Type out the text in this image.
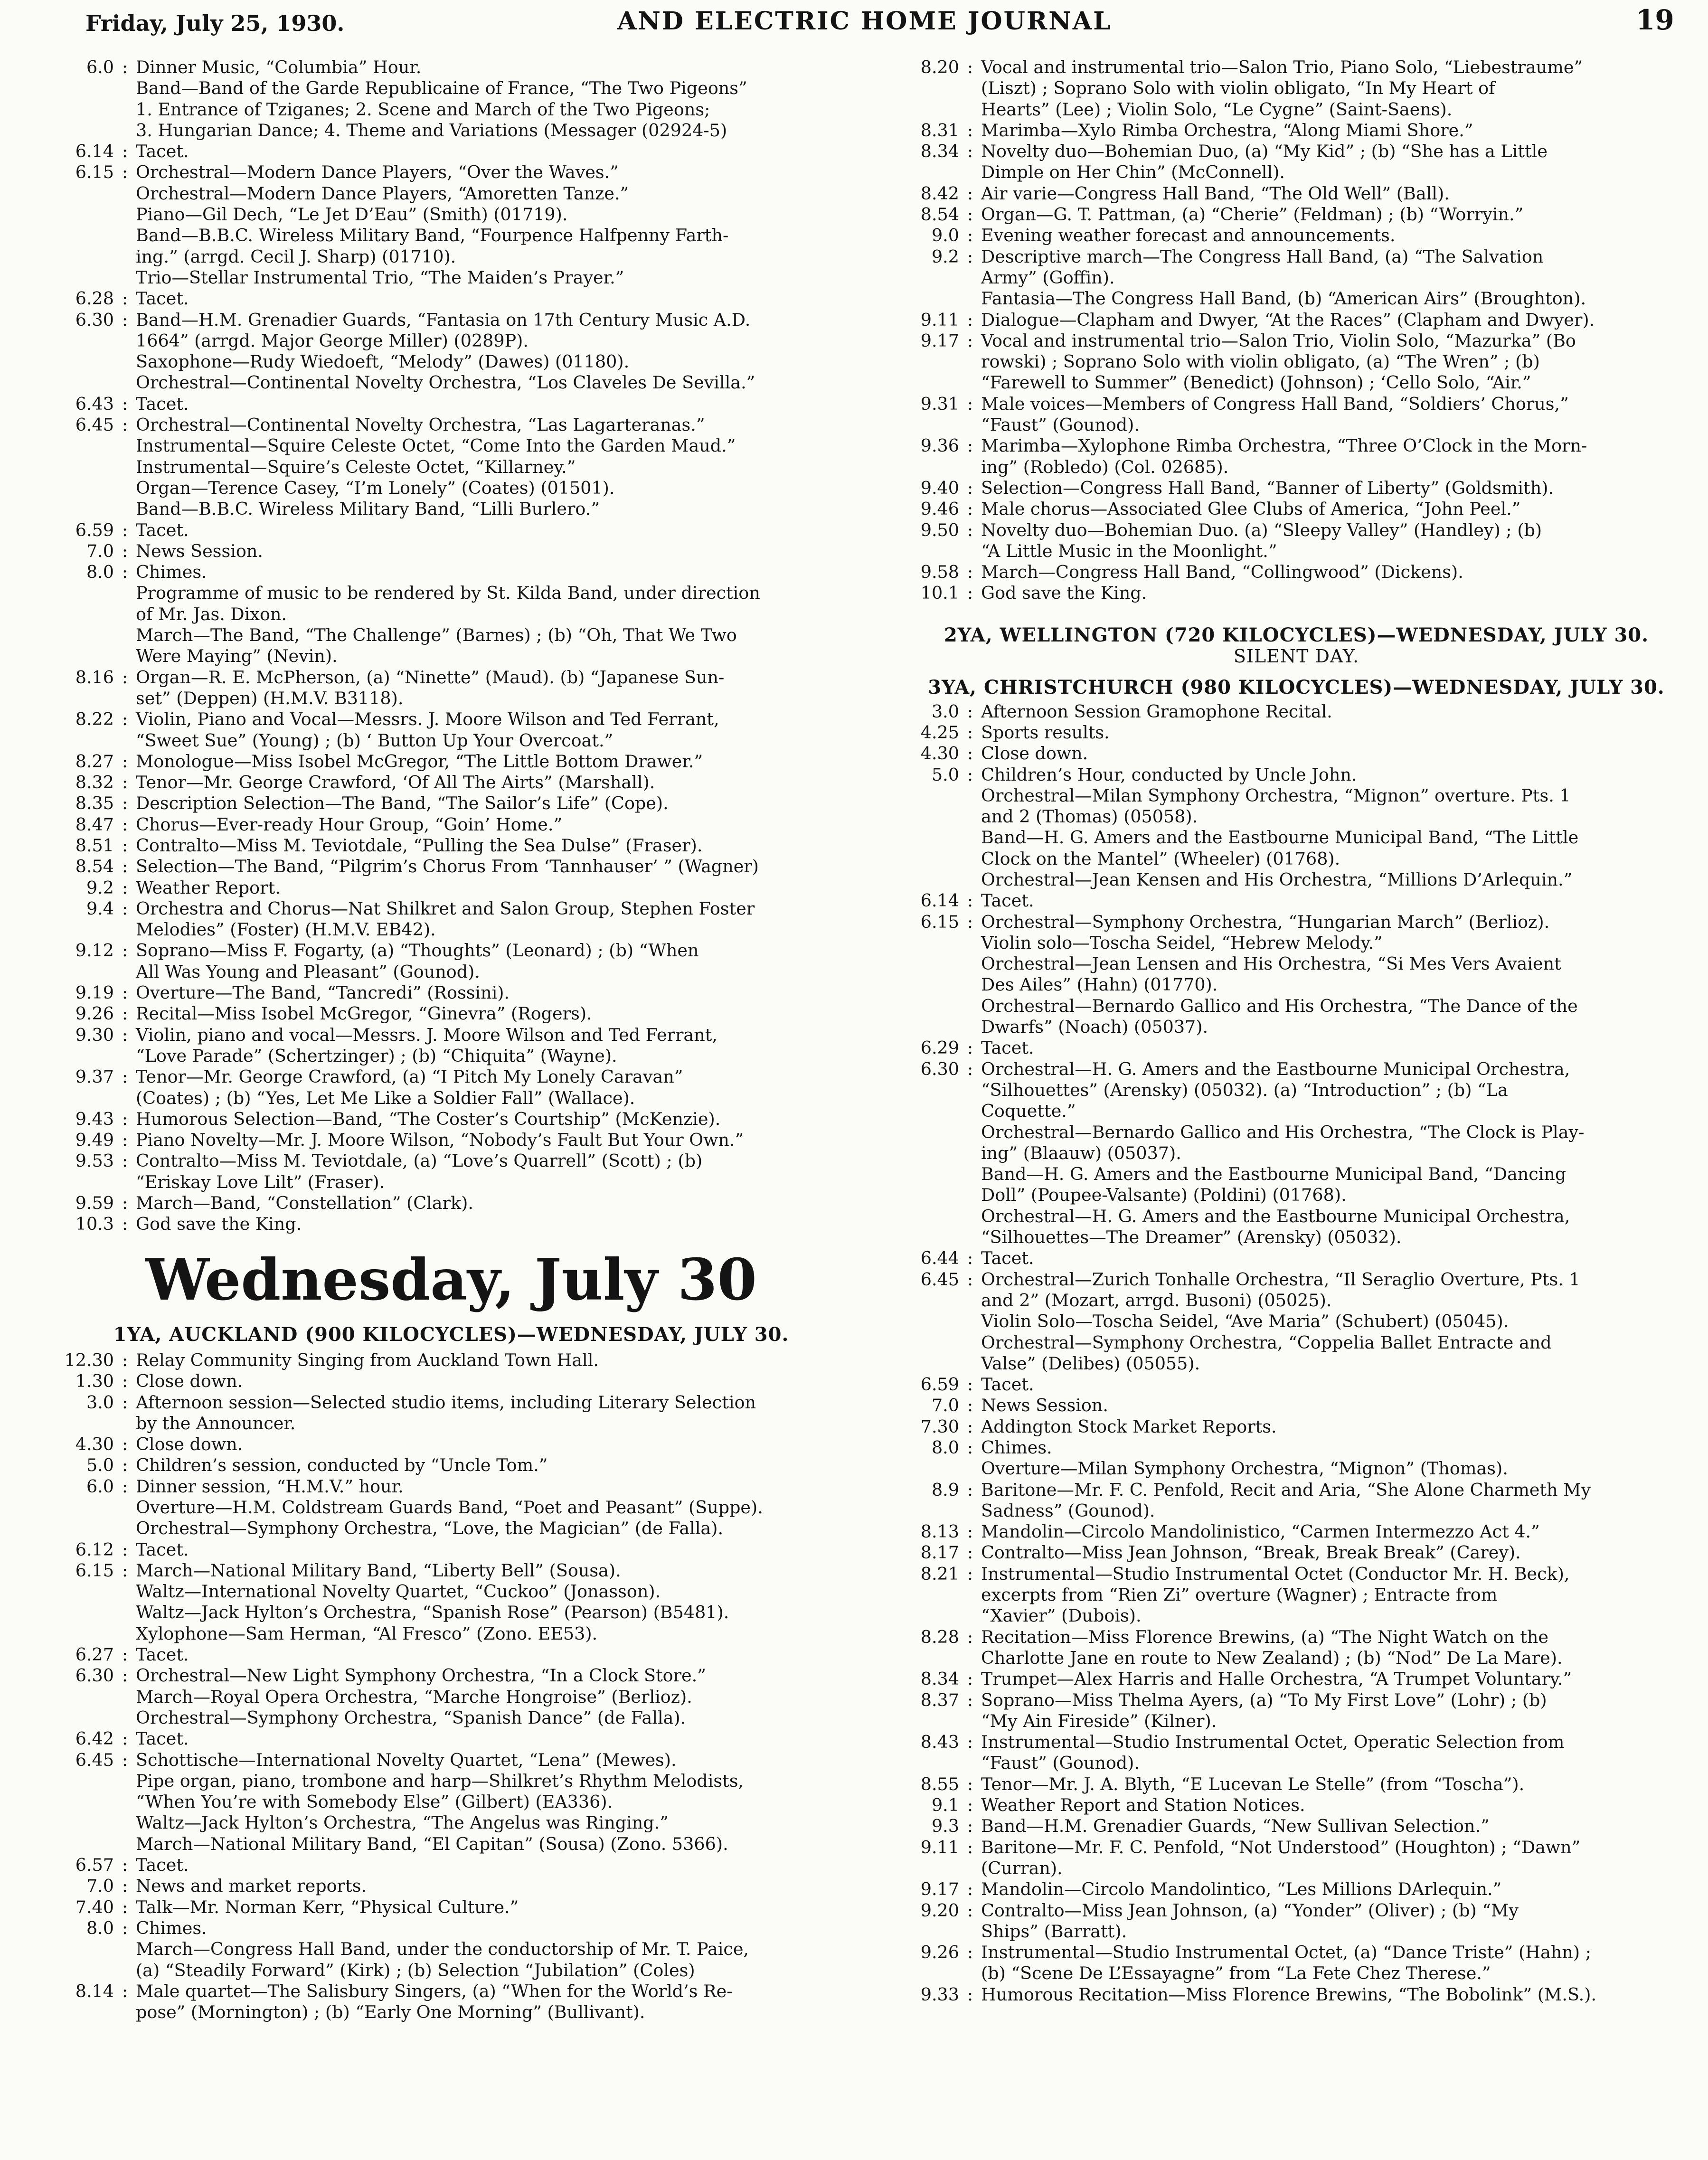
Friday, July 25, 1930.	AND ELECTRIC HOME JOURNAL	19
6.0 : Dinner Music, “Columbia” Hour.
Band—Band of the Garde Republicaine of France, “The Two Pigeons”
1. Entrance of Tziganes; 2. Scene and March of the Two Pigeons;
3. Hungarian Dance; 4. Theme and Variations (Messager (02924-5)
6.14 : Tacet.
6.15 : Orchestral—Modern Dance Players, “Over the Waves.”
Orchestral—Modern Dance Players, “Amoretten Tanze.”
Piano—Gil Dech, “Le Jet D’Eau” (Smith) (01719).
Band—B.B.C. Wireless Military Band, “Fourpence Halfpenny Farth-
ing.” (arrgd. Cecil J. Sharp) (01710).
Trio—Stellar Instrumental Trio, “The Maiden’s Prayer.”
6.28 : Tacet.
6.30 : Band—H.M. Grenadier Guards, “Fantasia on 17th Century Music A.D.
1664” (arrgd. Major George Miller) (0289P).
Saxophone—Rudy Wiedoeft, “Melody” (Dawes) (01180).
Orchestral—Continental Novelty Orchestra, “Los Claveles De Sevilla.”
6.43 : Tacet.
6.45 : Orchestral—Continental Novelty Orchestra, “Las Lagarteranas.”
Instrumental—Squire Celeste Octet, “Come Into the Garden Maud.”
Instrumental—Squire’s Celeste Octet, “Killarney.”
Organ—Terence Casey, “I’m Lonely” (Coates) (01501).
Band—B.B.C. Wireless Military Band, “Lilli Burlero.”
6.59 : Tacet.
7.0 : News Session.
8.0 : Chimes.
Programme of music to be rendered by St. Kilda Band, under direction
of Mr. Jas. Dixon.
March—The Band, “The Challenge” (Barnes) ; (b) “Oh, That We Two
Were Maying” (Nevin).
8.16 : Organ—R. E. McPherson, (a) “Ninette” (Maud). (b) “Japanese Sun-
set” (Deppen) (H.M.V. B3118).
8.22 : Violin, Piano and Vocal—Messrs. J. Moore Wilson and Ted Ferrant,
“Sweet Sue” (Young) ; (b) ‘ Button Up Your Overcoat.”
8.27 : Monologue—Miss Isobel McGregor, “The Little Bottom Drawer.”
8.32 : Tenor—Mr. George Crawford, ‘Of All The Airts” (Marshall).
8.35 : Description Selection—The Band, “The Sailor’s Life” (Cope).
8.47 : Chorus—Ever-ready Hour Group, “Goin’ Home.”
8.51 : Contralto—Miss M. Teviotdale, “Pulling the Sea Dulse” (Fraser).
8.54 : Selection—The Band, “Pilgrim’s Chorus From ‘Tannhauser’ ” (Wagner)
9.2 : Weather Report.
9.4 : Orchestra and Chorus—Nat Shilkret and Salon Group, Stephen Foster
Melodies” (Foster) (H.M.V. EB42).
9.12 : Soprano—Miss F. Fogarty, (a) “Thoughts” (Leonard) ; (b) “When
All Was Young and Pleasant” (Gounod).
9.19 : Overture—The Band, “Tancredi” (Rossini).
9.26 : Recital—Miss Isobel McGregor, “Ginevra” (Rogers).
9.30 : Violin, piano and vocal—Messrs. J. Moore Wilson and Ted Ferrant,
“Love Parade” (Schertzinger) ; (b) “Chiquita” (Wayne).
9.37 : Tenor—Mr. George Crawford, (a) “I Pitch My Lonely Caravan”
(Coates) ; (b) “Yes, Let Me Like a Soldier Fall” (Wallace).
9.43 : Humorous Selection—Band, “The Coster’s Courtship” (McKenzie).
9.49 : Piano Novelty—Mr. J. Moore Wilson, “Nobody’s Fault But Your Own.”
9.53 : Contralto—Miss M. Teviotdale, (a) “Love’s Quarrell” (Scott) ; (b)
“Eriskay Love Lilt” (Fraser).
9.59 : March—Band, “Constellation” (Clark).
10.3 : God save the King.
Wednesday, July 30
1YA, AUCKLAND (900 KILOCYCLES)—WEDNESDAY, JULY 30.
12.30 : Relay Community Singing from Auckland Town Hall.
1.30 : Close down.
3.0 : Afternoon session—Selected studio items, including Literary Selection
by the Announcer.
4.30 : Close down.
5.0 : Children’s session, conducted by “Uncle Tom.”
6.0 : Dinner session, “H.M.V.” hour.
Overture—H.M. Coldstream Guards Band, “Poet and Peasant” (Suppe).
Orchestral—Symphony Orchestra, “Love, the Magician” (de Falla).
6.12 : Tacet.
6.15 : March—National Military Band, “Liberty Bell” (Sousa).
Waltz—International Novelty Quartet, “Cuckoo” (Jonasson).
Waltz—Jack Hylton’s Orchestra, “Spanish Rose” (Pearson) (B5481).
Xylophone—Sam Herman, “Al Fresco” (Zono. EE53).
6.27 : Tacet.
6.30 : Orchestral—New Light Symphony Orchestra, “In a Clock Store.”
March—Royal Opera Orchestra, “Marche Hongroise” (Berlioz).
Orchestral—Symphony Orchestra, “Spanish Dance” (de Falla).
6.42 : Tacet.
6.45 : Schottische—International Novelty Quartet, “Lena” (Mewes).
Pipe organ, piano, trombone and harp—Shilkret’s Rhythm Melodists,
“When You’re with Somebody Else” (Gilbert) (EA336).
Waltz—Jack Hylton’s Orchestra, “The Angelus was Ringing.”
March—National Military Band, “El Capitan” (Sousa) (Zono. 5366).
6.57 : Tacet.
7.0 : News and market reports.
7.40 : Talk—Mr. Norman Kerr, “Physical Culture.”
8.0 : Chimes.
March—Congress Hall Band, under the conductorship of Mr. T. Paice,
(a) “Steadily Forward” (Kirk) ; (b) Selection “Jubilation” (Coles)
8.14 : Male quartet—The Salisbury Singers, (a) “When for the World’s Re-
pose” (Mornington) ; (b) “Early One Morning” (Bullivant).
8.20 : Vocal and instrumental trio—Salon Trio, Piano Solo, “Liebestraume”
(Liszt) ; Soprano Solo with violin obligato, “In My Heart of
Hearts” (Lee) ; Violin Solo, “Le Cygne” (Saint-Saens).
8.31 : Marimba—Xylo Rimba Orchestra, “Along Miami Shore.”
8.34 : Novelty duo—Bohemian Duo, (a) “My Kid” ; (b) “She has a Little
Dimple on Her Chin” (McConnell).
8.42 : Air varie—Congress Hall Band, “The Old Well” (Ball).
8.54 : Organ—G. T. Pattman, (a) “Cherie” (Feldman) ; (b) “Worryin.”
9.0 : Evening weather forecast and announcements.
9.2 : Descriptive march—The Congress Hall Band, (a) “The Salvation
Army” (Goffin).
Fantasia—The Congress Hall Band, (b) “American Airs” (Broughton).
9.11 : Dialogue—Clapham and Dwyer, “At the Races” (Clapham and Dwyer).
9.17 : Vocal and instrumental trio—Salon Trio, Violin Solo, “Mazurka” (Bo
rowski) ; Soprano Solo with violin obligato, (a) “The Wren” ; (b)
“Farewell to Summer” (Benedict) (Johnson) ; ‘Cello Solo, “Air.”
9.31 : Male voices—Members of Congress Hall Band, “Soldiers’ Chorus,”
“Faust” (Gounod).
9.36 : Marimba—Xylophone Rimba Orchestra, “Three O’Clock in the Morn-
ing” (Robledo) (Col. 02685).
9.40 : Selection—Congress Hall Band, “Banner of Liberty” (Goldsmith).
9.46 : Male chorus—Associated Glee Clubs of America, “John Peel.”
9.50 : Novelty duo—Bohemian Duo. (a) “Sleepy Valley” (Handley) ; (b)
“A Little Music in the Moonlight.”
9.58 : March—Congress Hall Band, “Collingwood” (Dickens).
10.1 : God save the King.
2YA, WELLINGTON (720 KILOCYCLES)—WEDNESDAY, JULY 30.
SILENT DAY.
3YA, CHRISTCHURCH (980 KILOCYCLES)—WEDNESDAY, JULY 30.
3.0 : Afternoon Session Gramophone Recital.
4.25 : Sports results.
4.30 : Close down.
5.0 : Children’s Hour, conducted by Uncle John.
Orchestral—Milan Symphony Orchestra, “Mignon” overture. Pts. 1
and 2 (Thomas) (05058).
Band—H. G. Amers and the Eastbourne Municipal Band, “The Little
Clock on the Mantel” (Wheeler) (01768).
Orchestral—Jean Kensen and His Orchestra, “Millions D’Arlequin.”
6.14 : Tacet.
6.15 : Orchestral—Symphony Orchestra, “Hungarian March” (Berlioz).
Violin solo—Toscha Seidel, “Hebrew Melody.”
Orchestral—Jean Lensen and His Orchestra, “Si Mes Vers Avaient
Des Ailes” (Hahn) (01770).
Orchestral—Bernardo Gallico and His Orchestra, “The Dance of the
Dwarfs” (Noach) (05037).
6.29 : Tacet.
6.30 : Orchestral—H. G. Amers and the Eastbourne Municipal Orchestra,
“Silhouettes” (Arensky) (05032). (a) “Introduction” ; (b) “La
Coquette.”
Orchestral—Bernardo Gallico and His Orchestra, “The Clock is Play-
ing” (Blaauw) (05037).
Band—H. G. Amers and the Eastbourne Municipal Band, “Dancing
Doll” (Poupee-Valsante) (Poldini) (01768).
Orchestral—H. G. Amers and the Eastbourne Municipal Orchestra,
“Silhouettes—The Dreamer” (Arensky) (05032).
6.44 : Tacet.
6.45 : Orchestral—Zurich Tonhalle Orchestra, “Il Seraglio Overture, Pts. 1
and 2” (Mozart, arrgd. Busoni) (05025).
Violin Solo—Toscha Seidel, “Ave Maria” (Schubert) (05045).
Orchestral—Symphony Orchestra, “Coppelia Ballet Entracte and
Valse” (Delibes) (05055).
6.59 : Tacet.
7.0 : News Session.
7.30 : Addington Stock Market Reports.
8.0 : Chimes.
Overture—Milan Symphony Orchestra, “Mignon” (Thomas).
8.9 : Baritone—Mr. F. C. Penfold, Recit and Aria, “She Alone Charmeth My
Sadness” (Gounod).
8.13 : Mandolin—Circolo Mandolinistico, “Carmen Intermezzo Act 4.”
8.17 : Contralto—Miss Jean Johnson, “Break, Break Break” (Carey).
8.21 : Instrumental—Studio Instrumental Octet (Conductor Mr. H. Beck),
excerpts from “Rien Zi” overture (Wagner) ; Entracte from
“Xavier” (Dubois).
8.28 : Recitation—Miss Florence Brewins, (a) “The Night Watch on the
Charlotte Jane en route to New Zealand) ; (b) “Nod” De La Mare).
8.34 : Trumpet—Alex Harris and Halle Orchestra, “A Trumpet Voluntary.”
8.37 : Soprano—Miss Thelma Ayers, (a) “To My First Love” (Lohr) ; (b)
“My Ain Fireside” (Kilner).
8.43 : Instrumental—Studio Instrumental Octet, Operatic Selection from
“Faust” (Gounod).
8.55 : Tenor—Mr. J. A. Blyth, “E Lucevan Le Stelle” (from “Toscha”).
9.1 : Weather Report and Station Notices.
9.3 : Band—H.M. Grenadier Guards, “New Sullivan Selection.”
9.11 : Baritone—Mr. F. C. Penfold, “Not Understood” (Houghton) ; “Dawn”
(Curran).
9.17 : Mandolin—Circolo Mandolintico, “Les Millions DArlequin.”
9.20 : Contralto—Miss Jean Johnson, (a) “Yonder” (Oliver) ; (b) “My
Ships” (Barratt).
9.26 : Instrumental—Studio Instrumental Octet, (a) “Dance Triste” (Hahn) ;
(b) “Scene De L’Essayagne” from “La Fete Chez Therese.”
9.33 : Humorous Recitation—Miss Florence Brewins, “The Bobolink” (M.S.).
